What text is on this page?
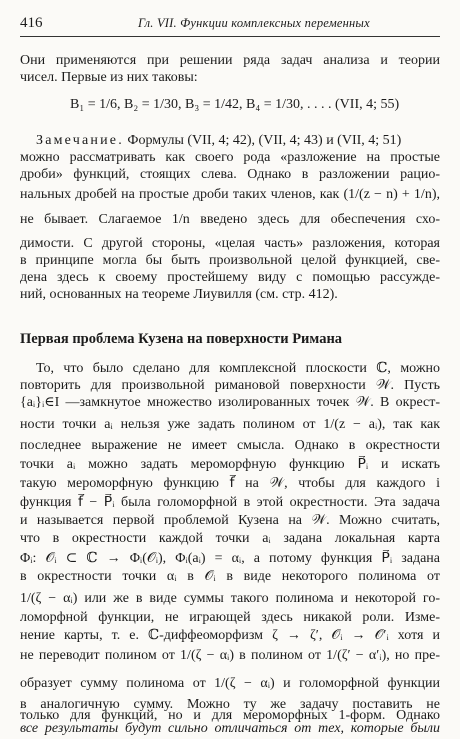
416	Гл. VII. Функции комплексных переменных
Они применяются при решении ряда задач анализа и теории
чисел. Первые из них таковы:
B₁ = 1/6, B₂ = 1/30, B₃ = 1/42, B₄ = 1/30, . . . . (VII, 4; 55)
Замечание. Формулы (VII, 4; 42), (VII, 4; 43) и (VII, 4; 51)
можно рассматривать как своего рода «разложение на простые
дроби» функций, стоящих слева. Однако в разложении рацио-
нальных дробей на простые дроби таких членов, как (1/(z − n) + 1/n),
не бывает. Слагаемое 1/n введено здесь для обеспечения схо-
димости. С другой стороны, «целая часть» разложения, которая
в принципе могла бы быть произвольной целой функцией, све-
дена здесь к своему простейшему виду с помощью рассужде-
ний, основанных на теореме Лиувилля (см. стр. 412).
Первая проблема Кузена на поверхности Римана
То, что было сделано для комплексной плоскости ℂ, можно
повторить для произвольной римановой поверхности 𝒲. Пусть
{aᵢ}ᵢ∈I —замкнутое множество изолированных точек 𝒲. В окрест-
ности точки aᵢ нельзя уже задать полином от 1/(z − aᵢ), так как
последнее выражение не имеет смысла. Однако в окрестности
точки aᵢ можно задать мероморфную функцию P⃗ᵢ и искать
такую мероморфную функцию f⃗ на 𝒲, чтобы для каждого i
функция f⃗ − P⃗ᵢ была голоморфной в этой окрестности. Эта задача
и называется первой проблемой Кузена на 𝒲. Можно считать,
что в окрестности каждой точки aᵢ задана локальная карта
Φᵢ: 𝒪ᵢ ⊂ ℂ → Φᵢ(𝒪ᵢ), Φᵢ(aᵢ) = αᵢ, а потому функция P⃗ᵢ задана
в окрестности точки αᵢ в 𝒪ᵢ в виде некоторого полинома от
1/(ζ − αᵢ) или же в виде суммы такого полинома и некоторой го-
ломорфной функции, не играющей здесь никакой роли. Изме-
нение карты, т. е. ℂ-диффеоморфизм ζ → ζ′, 𝒪ᵢ → 𝒪′ᵢ хотя и
не переводит полином от 1/(ζ − αᵢ) в полином от 1/(ζ′ − α′ᵢ), но пре-
образует сумму полинома от 1/(ζ − αᵢ) и голоморфной функции
в аналогичную сумму. Можно ту же задачу поставить не
только для функций, но и для мероморфных 1-форм. Однако
все результаты будут сильно отличаться от тех, которые были
